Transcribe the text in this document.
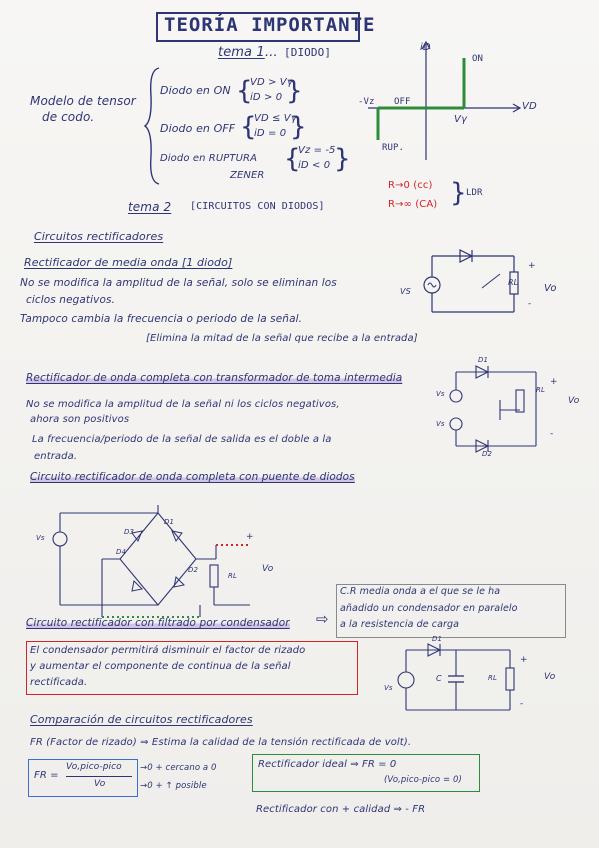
TEORÍA IMPORTANTE
tema 1 ... [DIODO]
Modelo de tensor
de codo.
Diodo en ON {
VD > Vγ
iD > 0 }
Diodo en OFF {
VD ≤ Vγ
iD = 0 }
Diodo en RUPTURA
ZENER
{
Vz = -5
iD < 0 }
iD
VD
ON
OFF
-Vz
Vγ
RUP.
R→0 (cc)
R→∞ (CA) } LDR
tema 2 [CIRCUITOS CON DIODOS]
Circuitos rectificadores
Rectificador de media onda [1 diodo]
No se modifica la amplitud de la señal, solo se eliminan los
ciclos negativos.
Tampoco cambia la frecuencia o periodo de la señal.
[Elimina la mitad de la señal que recibe a la entrada]
+
-
VS
RL
Vo
Rectificador de onda completa con transformador de toma intermedia
No se modifica la amplitud de la señal ni los ciclos negativos,
ahora son positivos
La frecuencia/periodo de la señal de salida es el doble a la
entrada.
+
-
D1
D2
Vs
Vs
RL
Vo
Circuito rectificador de onda completa con puente de diodos
+
Vs
D1
D3
D4
D2
RL
Vo
Circuito rectificador con filtrado por condensador ⇨
C.R media onda a el que se le ha
añadido un condensador en paralelo
a la resistencia de carga
El condensador permitirá disminuir el factor de rizado
y aumentar el componente de continua de la señal
rectificada.
+
-
D1
Vs
C	RL	Vo
Comparación de circuitos rectificadores
FR (Factor de rizado) ⇒ Estima la calidad de la tensión rectificada de volt).
FR =
Vo,pico-pico
Vo
→0 + cercano a 0
→0 + ↑ posible
Rectificador ideal ⇒ FR = 0
(Vo,pico-pico = 0)
Rectificador con + calidad ⇒ - FR
